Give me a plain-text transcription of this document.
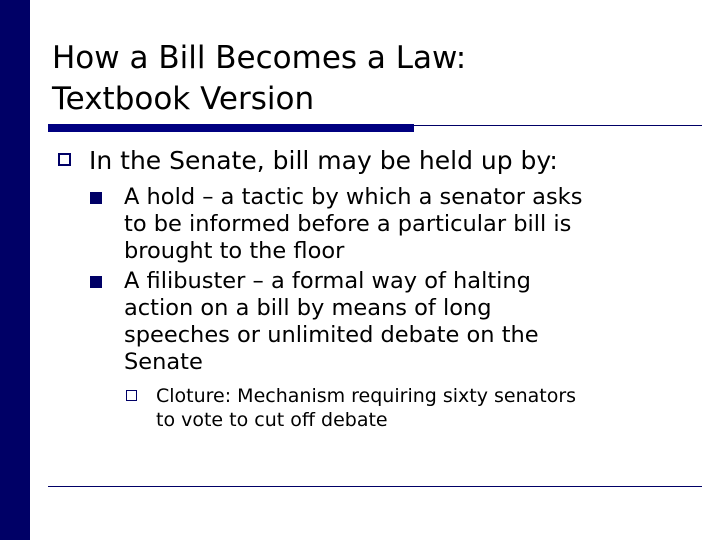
How a Bill Becomes a Law:
Textbook Version
In the Senate, bill may be held up by:
A hold – a tactic by which a senator asks
to be informed before a particular bill is
brought to the floor
A filibuster – a formal way of halting
action on a bill by means of long
speeches or unlimited debate on the
Senate
Cloture: Mechanism requiring sixty senators
to vote to cut off debate
